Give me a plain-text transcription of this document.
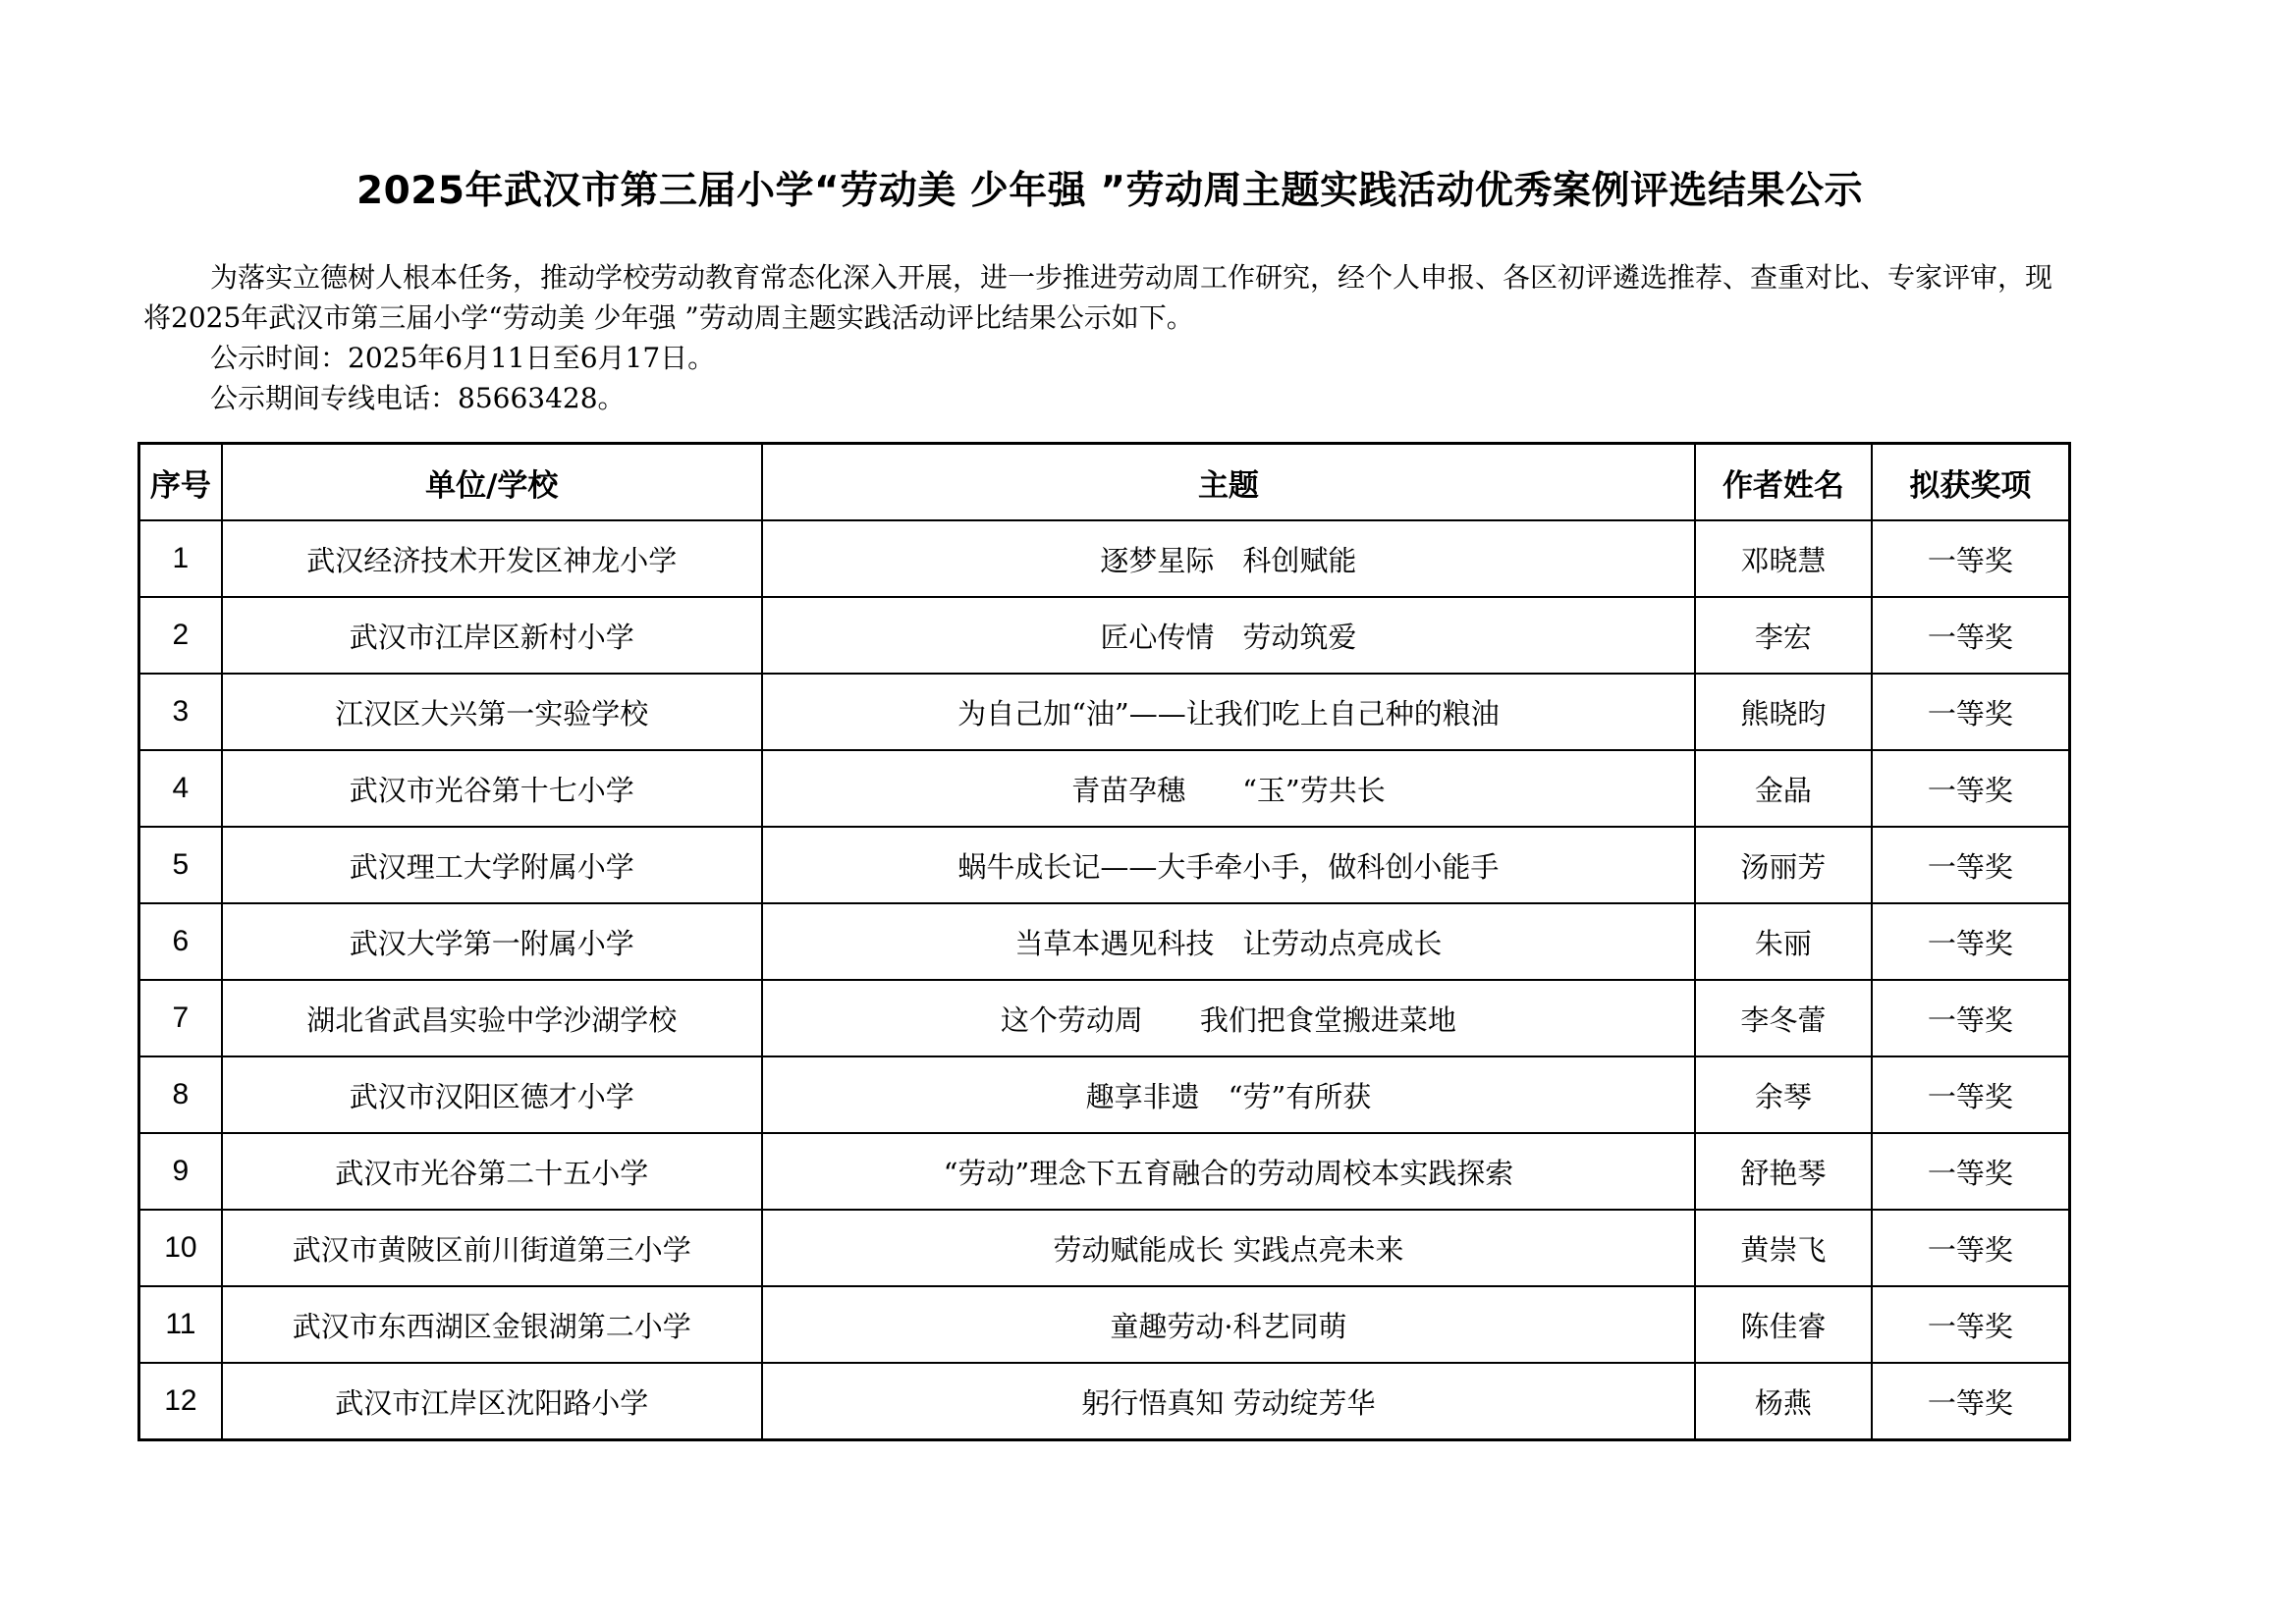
2025年武汉市第三届小学“劳动美 少年强 ”劳动周主题实践活动优秀案例评选结果公示

为落实立德树人根本任务，推动学校劳动教育常态化深入开展，进一步推进劳动周工作研究，经个人申报、各区初评遴选推荐、查重对比、专家评审，现将2025年武汉市第三届小学“劳动美 少年强 ”劳动周主题实践活动评比结果公示如下。

公示时间：2025年6月11日至6月17日。

公示期间专线电话：85663428。

序号	单位/学校	主题	作者姓名	拟获奖项
1	武汉经济技术开发区神龙小学	逐梦星际　科创赋能	邓晓慧	一等奖
2	武汉市江岸区新村小学	匠心传情　劳动筑爱	李宏	一等奖
3	江汉区大兴第一实验学校	为自己加“油”——让我们吃上自己种的粮油	熊晓昀	一等奖
4	武汉市光谷第十七小学	青苗孕穗　　“玉”劳共长	金晶	一等奖
5	武汉理工大学附属小学	蜗牛成长记——大手牵小手，做科创小能手	汤丽芳	一等奖
6	武汉大学第一附属小学	当草本遇见科技　让劳动点亮成长	朱丽	一等奖
7	湖北省武昌实验中学沙湖学校	这个劳动周　　我们把食堂搬进菜地	李冬蕾	一等奖
8	武汉市汉阳区德才小学	趣享非遗　“劳”有所获	余琴	一等奖
9	武汉市光谷第二十五小学	“劳动”理念下五育融合的劳动周校本实践探索	舒艳琴	一等奖
10	武汉市黄陂区前川街道第三小学	劳动赋能成长 实践点亮未来	黄崇飞	一等奖
11	武汉市东西湖区金银湖第二小学	童趣劳动·科艺同萌	陈佳睿	一等奖
12	武汉市江岸区沈阳路小学	躬行悟真知 劳动绽芳华	杨燕	一等奖
